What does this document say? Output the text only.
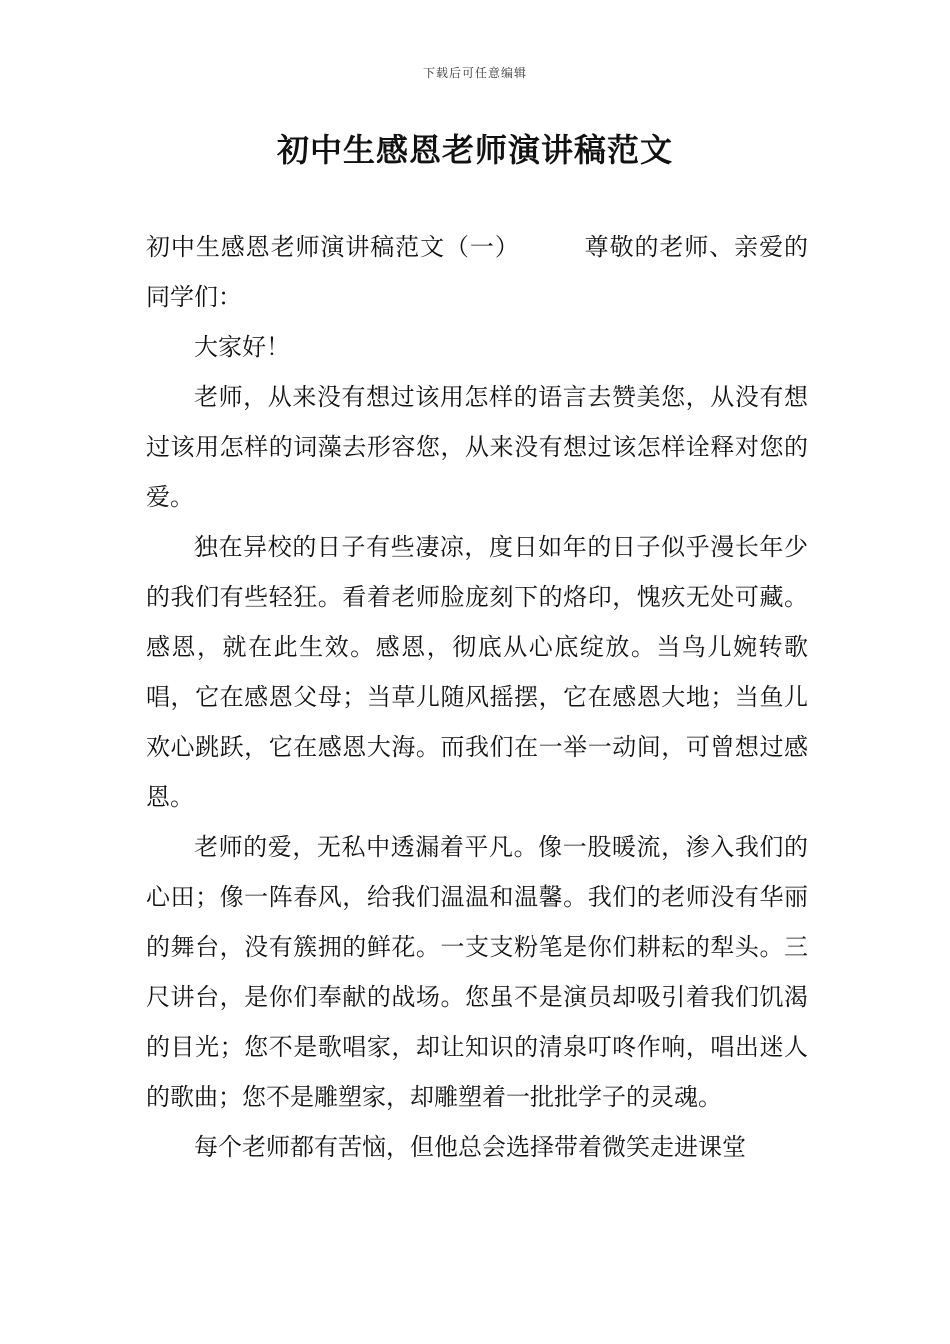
下载后可任意编辑
初中生感恩老师演讲稿范文

初中生感恩老师演讲稿范文（一）	尊敬的老师、亲爱的同学们：

大家好！

老师，从来没有想过该用怎样的语言去赞美您，从没有想过该用怎样的词藻去形容您，从来没有想过该怎样诠释对您的爱。

独在异校的日子有些凄凉，度日如年的日子似乎漫长年少的我们有些轻狂。看着老师脸庞刻下的烙印，愧疚无处可藏。感恩，就在此生效。感恩，彻底从心底绽放。当鸟儿婉转歌唱，它在感恩父母；当草儿随风摇摆，它在感恩大地；当鱼儿欢心跳跃，它在感恩大海。而我们在一举一动间，可曾想过感恩。

老师的爱，无私中透漏着平凡。像一股暖流，渗入我们的心田；像一阵春风，给我们温温和温馨。我们的老师没有华丽的舞台，没有簇拥的鲜花。一支支粉笔是你们耕耘的犁头。三尺讲台，是你们奉献的战场。您虽不是演员却吸引着我们饥渴的目光；您不是歌唱家，却让知识的清泉叮咚作响，唱出迷人的歌曲；您不是雕塑家，却雕塑着一批批学子的灵魂。

每个老师都有苦恼，但他总会选择带着微笑走进课堂
